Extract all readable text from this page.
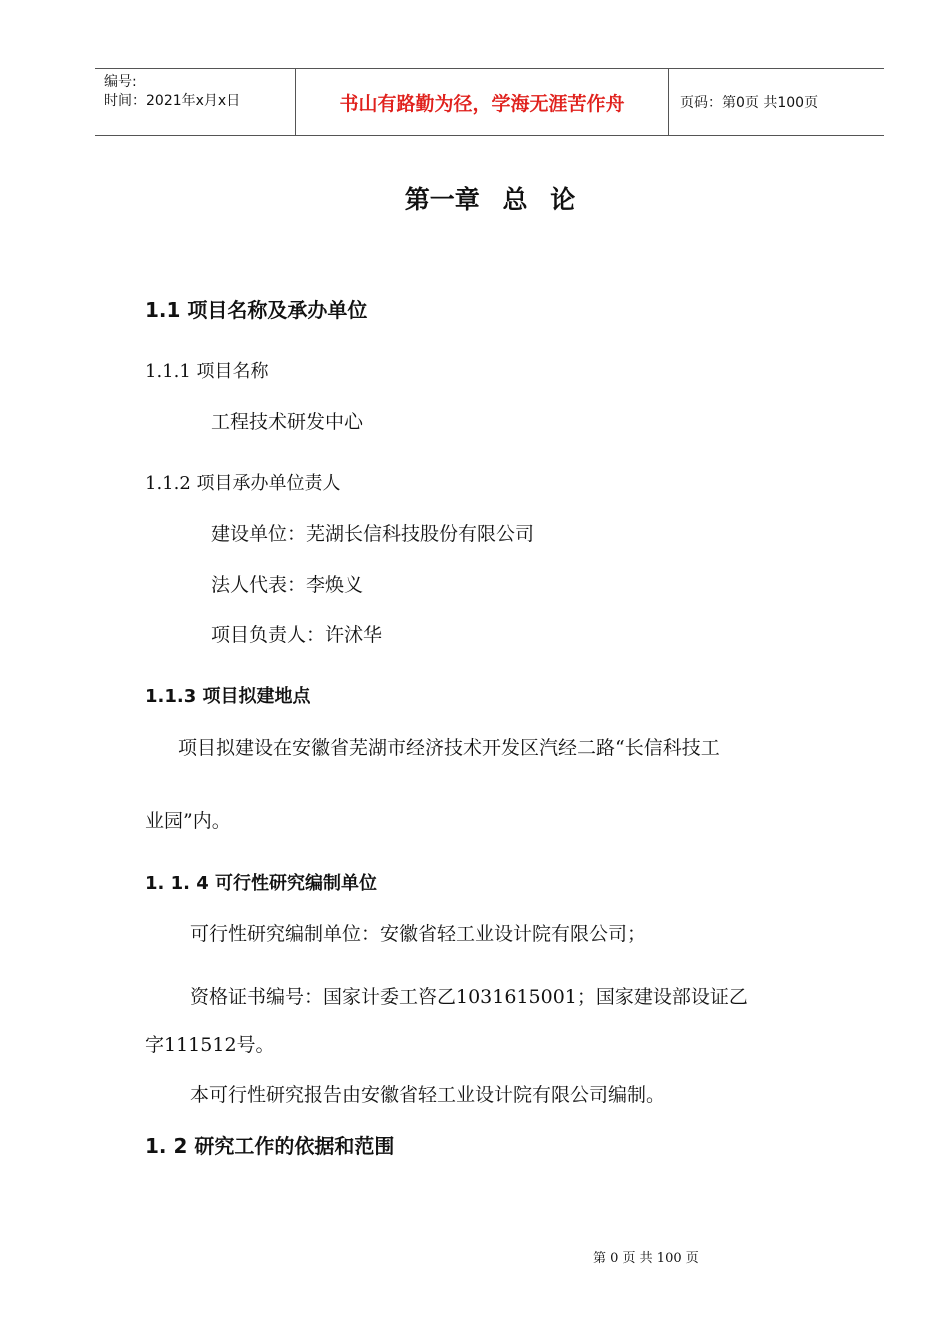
编号:
时间：2021年x月x日	书山有路勤为径，学海无涯苦作舟	页码：第0页 共100页
第一章 总 论
1.1 项目名称及承办单位
1.1.1 项目名称
工程技术研发中心
1.1.2 项目承办单位责人
建设单位：芜湖长信科技股份有限公司
法人代表：李焕义
项目负责人：许沭华
1.1.3 项目拟建地点
项目拟建设在安徽省芜湖市经济技术开发区汽经二路“长信科技工
业园”内。
1. 1. 4 可行性研究编制单位
可行性研究编制单位：安徽省轻工业设计院有限公司；
资格证书编号：国家计委工咨乙1031615001；国家建设部设证乙
字111512号。
本可行性研究报告由安徽省轻工业设计院有限公司编制。
1. 2 研究工作的依据和范围
第 0 页 共 100 页
